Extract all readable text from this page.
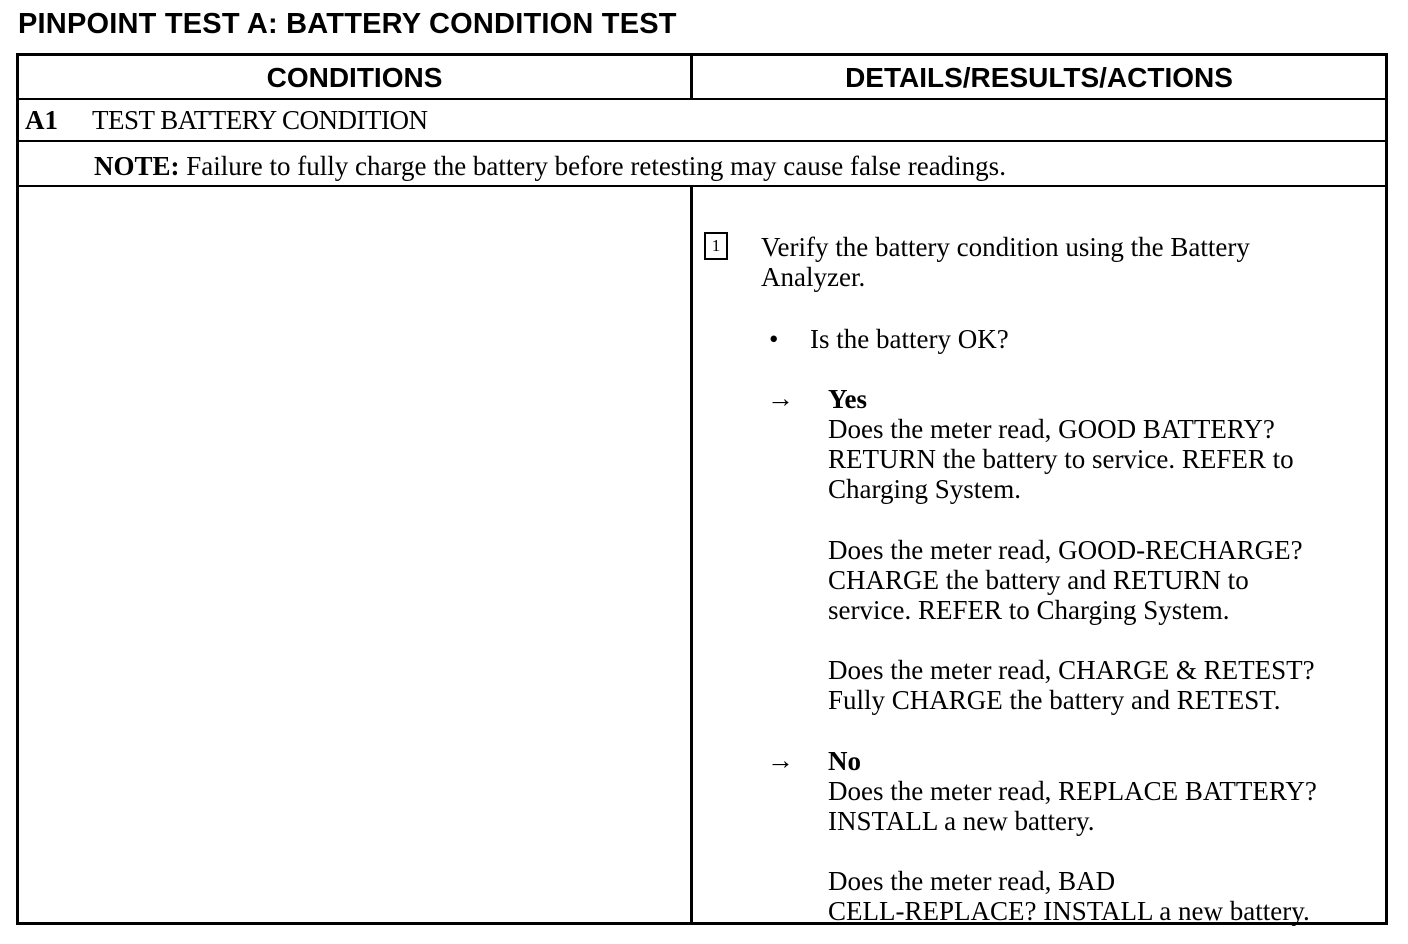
PINPOINT TEST A: BATTERY CONDITION TEST
CONDITIONS	DETAILS/RESULTS/ACTIONS
A1 TEST BATTERY CONDITION
NOTE: Failure to fully charge the battery before retesting may cause false readings.
1 Verify the battery condition using the Battery
Analyzer.
• Is the battery OK?
→ Yes
Does the meter read, GOOD BATTERY?
RETURN the battery to service. REFER to
Charging System.
Does the meter read, GOOD-RECHARGE?
CHARGE the battery and RETURN to
service. REFER to Charging System.
Does the meter read, CHARGE & RETEST?
Fully CHARGE the battery and RETEST.
→ No
Does the meter read, REPLACE BATTERY?
INSTALL a new battery.
Does the meter read, BAD
CELL-REPLACE? INSTALL a new battery.
